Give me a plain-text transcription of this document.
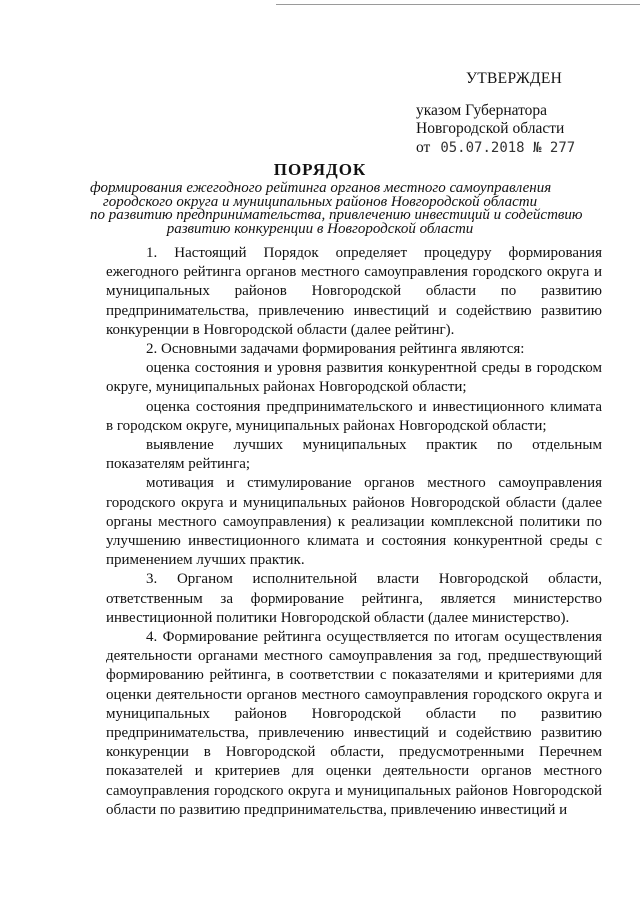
УТВЕРЖДЕН
указом Губернатора
Новгородской области
от 05.07.2018 № 277
ПОРЯДОК
формирования ежегодного рейтинга органов местного самоуправления
городского округа и муниципальных районов Новгородской области
по развитию предпринимательства, привлечению инвестиций и содействию
развитию конкуренции в Новгородской области

1. Настоящий Порядок определяет процедуру формирования ежегодного рейтинга органов местного самоуправления городского округа и муниципальных районов Новгородской области по развитию предпринимательства, привлечению инвестиций и содействию развитию конкуренции в Новгородской области (далее рейтинг).

2. Основными задачами формирования рейтинга являются:

оценка состояния и уровня развития конкурентной среды в городском округе, муниципальных районах Новгородской области;

оценка состояния предпринимательского и инвестиционного климата в городском округе, муниципальных районах Новгородской области;

выявление лучших муниципальных практик по отдельным показателям рейтинга;

мотивация и стимулирование органов местного самоуправления городского округа и муниципальных районов Новгородской области (далее органы местного самоуправления) к реализации комплексной политики по улучшению инвестиционного климата и состояния конкурентной среды с применением лучших практик.

3. Органом исполнительной власти Новгородской области, ответственным за формирование рейтинга, является министерство инвестиционной политики Новгородской области (далее министерство).

4. Формирование рейтинга осуществляется по итогам осуществления деятельности органами местного самоуправления за год, предшествующий формированию рейтинга, в соответствии с показателями и критериями для оценки деятельности органов местного самоуправления городского округа и муниципальных районов Новгородской области по развитию предпринимательства, привлечению инвестиций и содействию развитию конкуренции в Новгородской области, предусмотренными Перечнем показателей и критериев для оценки деятельности органов местного самоуправления городского округа и муниципальных районов Новгородской области по развитию предпринимательства, привлечению инвестиций и
